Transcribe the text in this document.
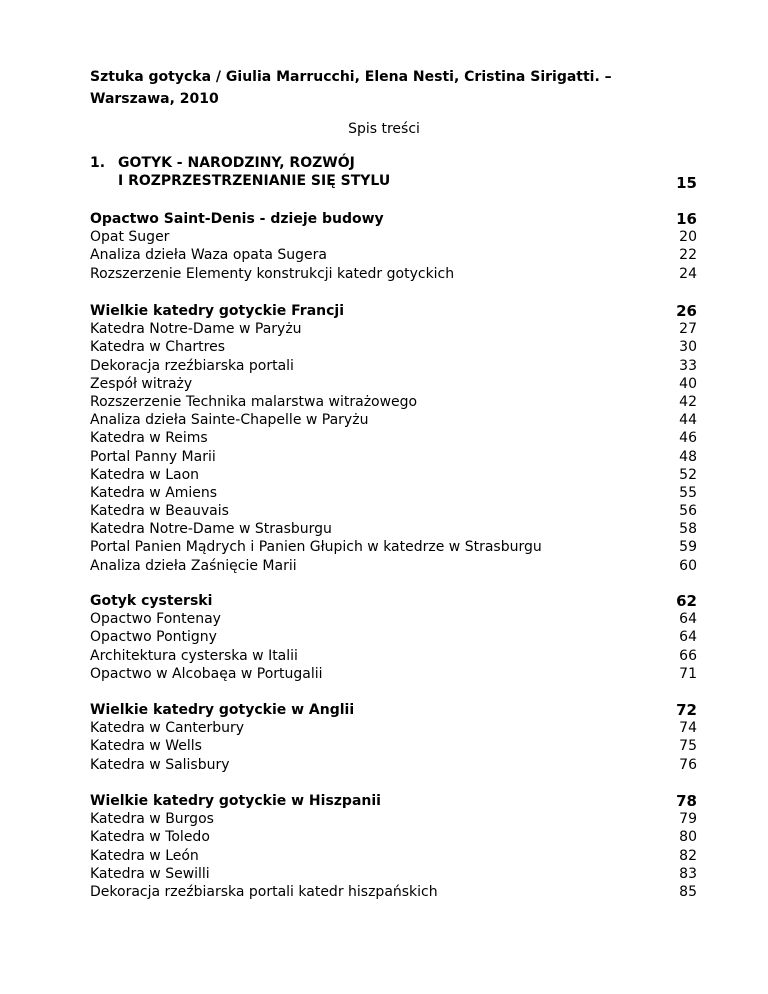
Sztuka gotycka / Giulia Marrucchi, Elena Nesti, Cristina Sirigatti. –
Warszawa, 2010
Spis treści
1. GOTYK - NARODZINY, ROZWÓJ
I ROZPRZESTRZENIANIE SIĘ STYLU	15
Opactwo Saint-Denis - dzieje budowy	16
Opat Suger	20
Analiza dzieła Waza opata Sugera	22
Rozszerzenie Elementy konstrukcji katedr gotyckich	24
Wielkie katedry gotyckie Francji	26
Katedra Notre-Dame w Paryżu	27
Katedra w Chartres	30
Dekoracja rzeźbiarska portali	33
Zespół witraży	40
Rozszerzenie Technika malarstwa witrażowego	42
Analiza dzieła Sainte-Chapelle w Paryżu	44
Katedra w Reims	46
Portal Panny Marii	48
Katedra w Laon	52
Katedra w Amiens	55
Katedra w Beauvais	56
Katedra Notre-Dame w Strasburgu	58
Portal Panien Mądrych i Panien Głupich w katedrze w Strasburgu	59
Analiza dzieła Zaśnięcie Marii	60
Gotyk cysterski	62
Opactwo Fontenay	64
Opactwo Pontigny	64
Architektura cysterska w Italii	66
Opactwo w Alcobaęa w Portugalii	71
Wielkie katedry gotyckie w Anglii	72
Katedra w Canterbury	74
Katedra w Wells	75
Katedra w Salisbury	76
Wielkie katedry gotyckie w Hiszpanii	78
Katedra w Burgos	79
Katedra w Toledo	80
Katedra w León	82
Katedra w Sewilli	83
Dekoracja rzeźbiarska portali katedr hiszpańskich	85
